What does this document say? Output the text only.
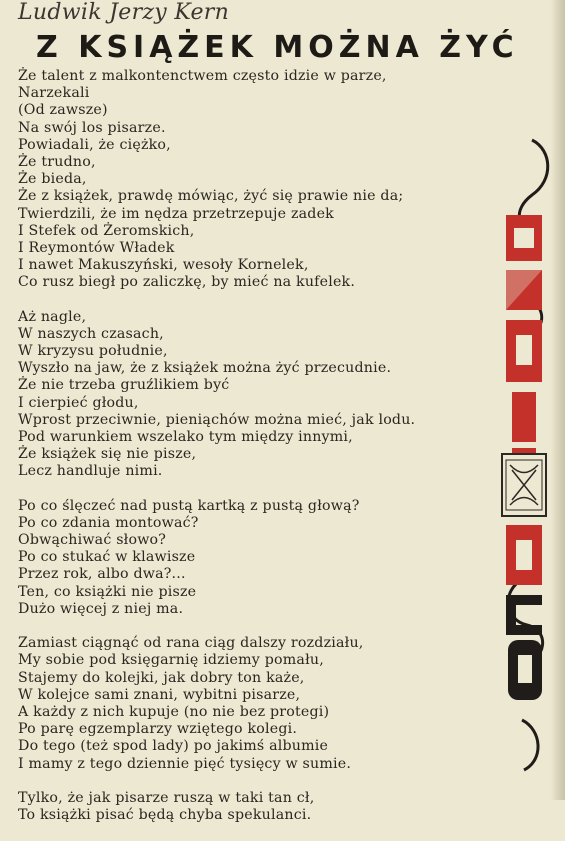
Ludwik Jerzy Kern
Z KSIĄŻEK MOŻNA ŻYĆ
Że talent z malkontenctwem często idzie w parze,
Narzekali
(Od zawsze)
Na swój los pisarze.
Powiadali, że ciężko,
Że trudno,
Że bieda,
Że z książek, prawdę mówiąc, żyć się prawie nie da;
Twierdzili, że im nędza przetrzepuje zadek
I Stefek od Żeromskich,
I Reymontów Władek
I nawet Makuszyński, wesoły Kornelek,
Co rusz biegł po zaliczkę, by mieć na kufelek.
Aż nagle,
W naszych czasach,
W kryzysu południe,
Wyszło na jaw, że z książek można żyć przecudnie.
Że nie trzeba gruźlikiem być
I cierpieć głodu,
Wprost przeciwnie, pieniąchów można mieć, jak lodu.
Pod warunkiem wszelako tym między innymi,
Że książek się nie pisze,
Lecz handluje nimi.
Po co ślęczeć nad pustą kartką z pustą głową?
Po co zdania montować?
Obwąchiwać słowo?
Po co stukać w klawisze
Przez rok, albo dwa?...
Ten, co książki nie pisze
Dużo więcej z niej ma.
Zamiast ciągnąć od rana ciąg dalszy rozdziału,
My sobie pod księgarnię idziemy pomału,
Stajemy do kolejki, jak dobry ton każe,
W kolejce sami znani, wybitni pisarze,
A każdy z nich kupuje (no nie bez protegi)
Po parę egzemplarzy wziętego kolegi.
Do tego (też spod lady) po jakimś albumie
I mamy z tego dziennie pięć tysięcy w sumie.
Tylko, że jak pisarze ruszą w taki tan cł,
To książki pisać będą chyba spekulanci.
